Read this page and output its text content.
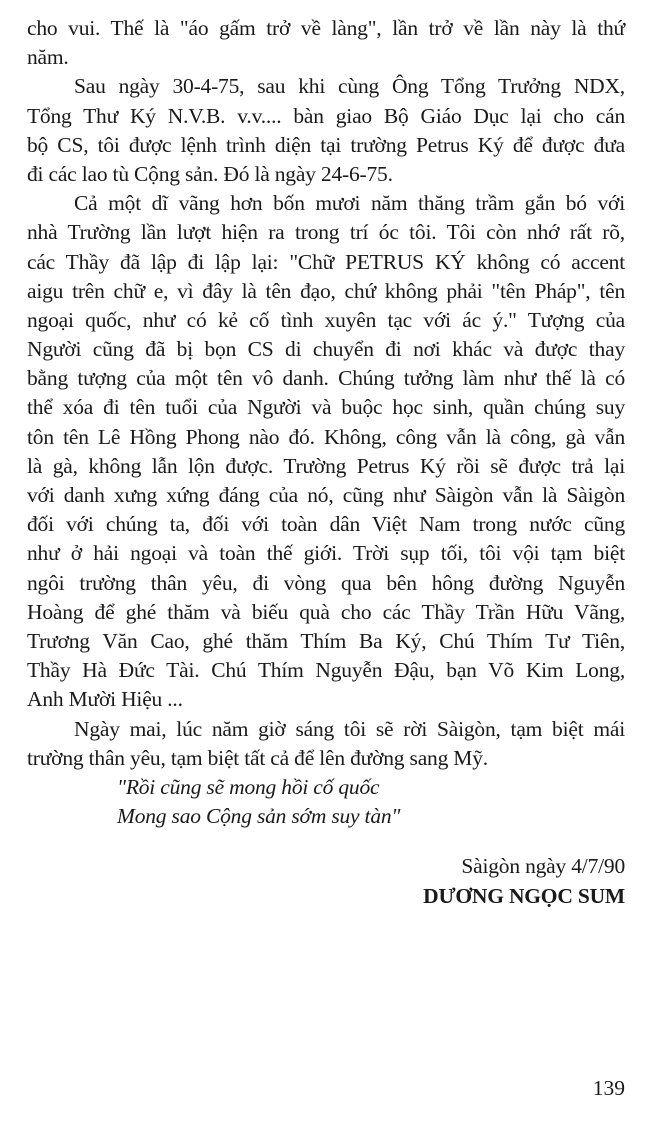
cho vui. Thế là "áo gấm trở về làng", lần trở về lần này là thứ
năm.
Sau ngày 30-4-75, sau khi cùng Ông Tổng Trưởng NDX,
Tổng Thư Ký N.V.B. v.v.... bàn giao Bộ Giáo Dục lại cho cán
bộ CS, tôi được lệnh trình diện tại trường Petrus Ký để được đưa
đi các lao tù Cộng sản. Đó là ngày 24-6-75.
Cả một dĩ vãng hơn bốn mươi năm thăng trầm gắn bó với
nhà Trường lần lượt hiện ra trong trí óc tôi. Tôi còn nhớ rất rõ,
các Thầy đã lập đi lập lại: "Chữ PETRUS KÝ không có accent
aigu trên chữ e, vì đây là tên đạo, chứ không phải "tên Pháp", tên
ngoại quốc, như có kẻ cố tình xuyên tạc với ác ý." Tượng của
Người cũng đã bị bọn CS di chuyển đi nơi khác và được thay
bằng tượng của một tên vô danh. Chúng tưởng làm như thế là có
thể xóa đi tên tuổi của Người và buộc học sinh, quần chúng suy
tôn tên Lê Hồng Phong nào đó. Không, công vẫn là công, gà vẫn
là gà, không lẫn lộn được. Trường Petrus Ký rồi sẽ được trả lại
với danh xưng xứng đáng của nó, cũng như Sàigòn vẫn là Sàigòn
đối với chúng ta, đối với toàn dân Việt Nam trong nước cũng
như ở hải ngoại và toàn thế giới. Trời sụp tối, tôi vội tạm biệt
ngôi trường thân yêu, đi vòng qua bên hông đường Nguyễn
Hoàng để ghé thăm và biếu quà cho các Thầy Trần Hữu Vãng,
Trương Văn Cao, ghé thăm Thím Ba Ký, Chú Thím Tư Tiên,
Thầy Hà Đức Tài. Chú Thím Nguyễn Đậu, bạn Võ Kim Long,
Anh Mười Hiệu ...
Ngày mai, lúc năm giờ sáng tôi sẽ rời Sàigòn, tạm biệt mái
trường thân yêu, tạm biệt tất cả để lên đường sang Mỹ.
"Rồi cũng sẽ mong hồi cố quốc
Mong sao Cộng sản sớm suy tàn"
Sàigòn ngày 4/7/90
DƯƠNG NGỌC SUM
139
